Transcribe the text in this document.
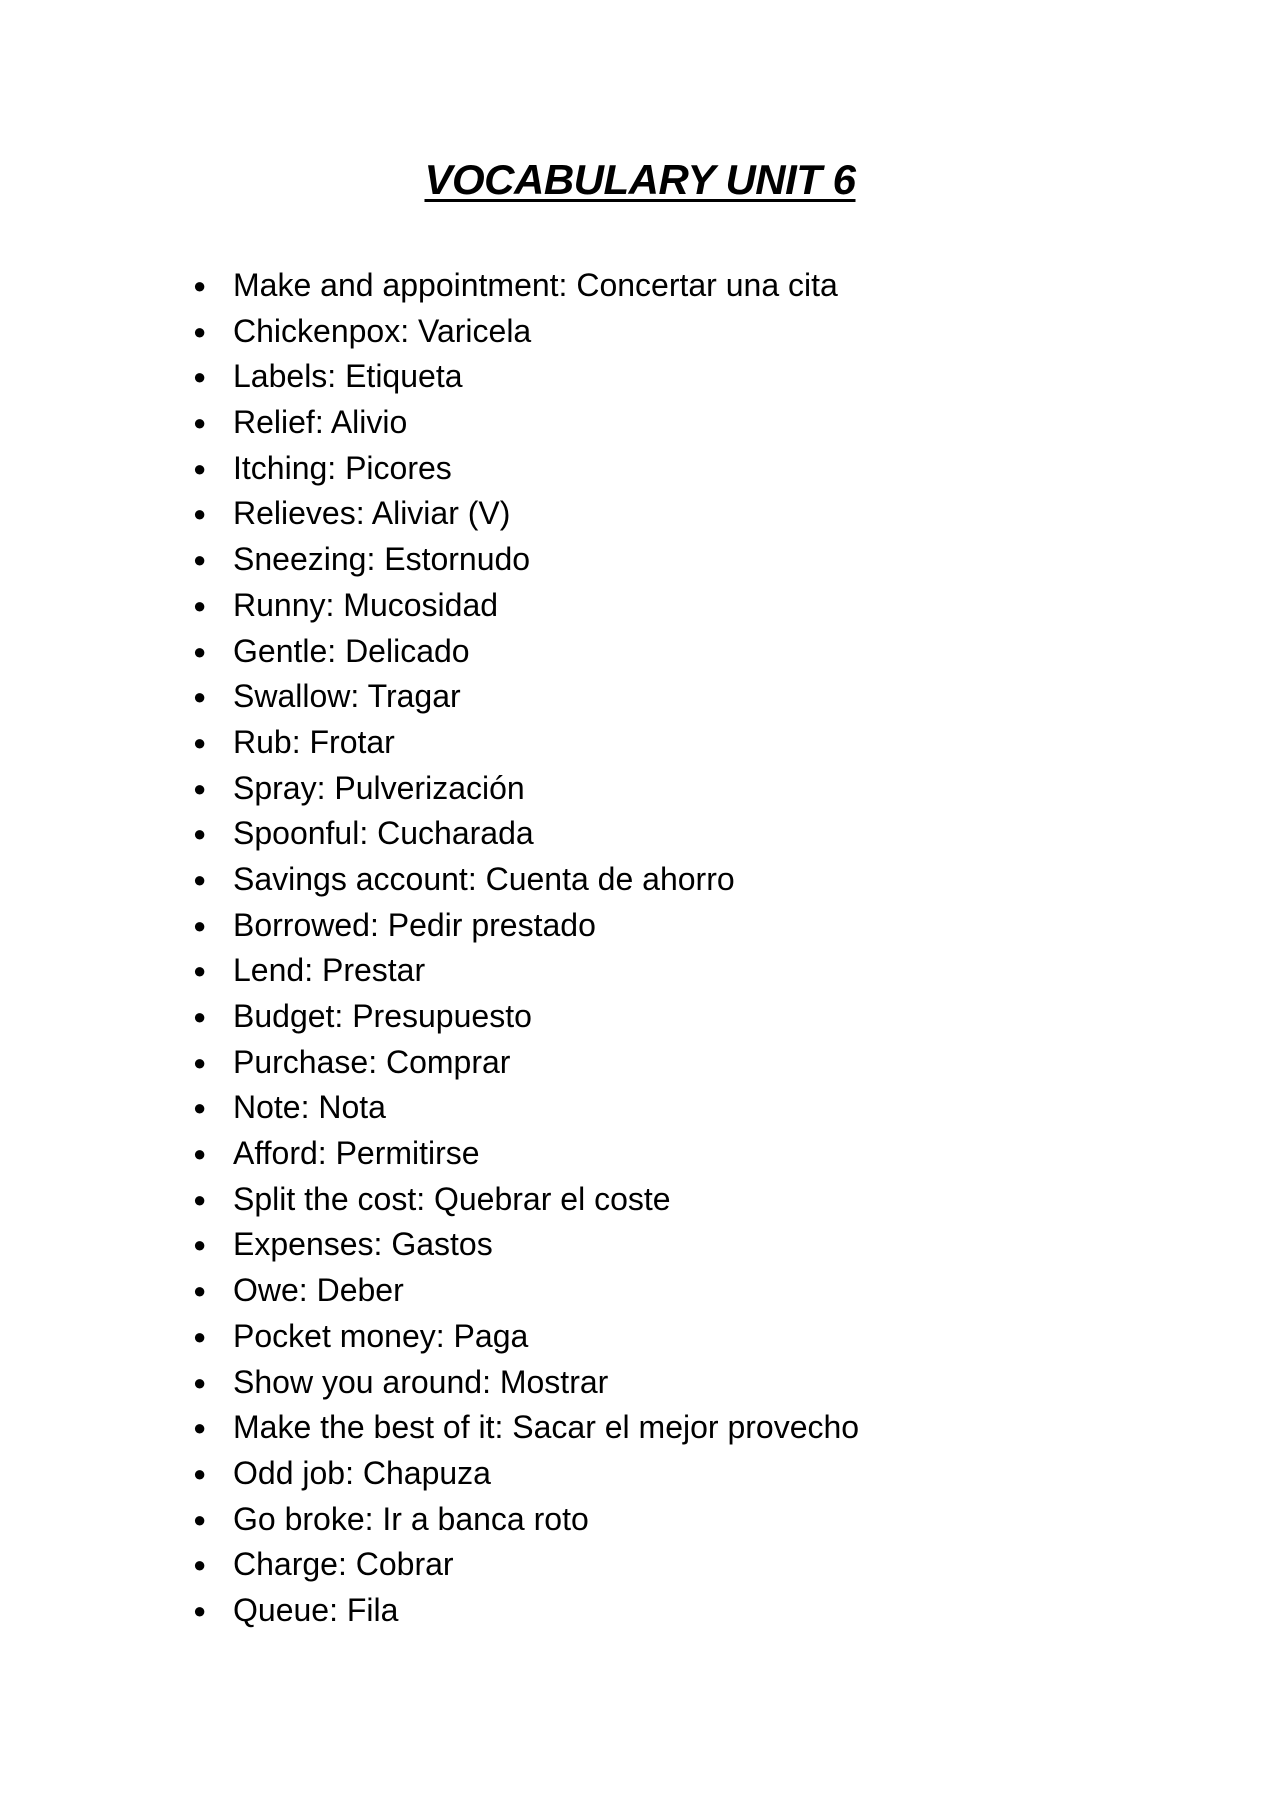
VOCABULARY UNIT 6
● Make and appointment: Concertar una cita
● Chickenpox: Varicela
● Labels: Etiqueta
● Relief: Alivio
● Itching: Picores
● Relieves: Aliviar (V)
● Sneezing: Estornudo
● Runny: Mucosidad
● Gentle: Delicado
● Swallow: Tragar
● Rub: Frotar
● Spray: Pulverización
● Spoonful: Cucharada
● Savings account: Cuenta de ahorro
● Borrowed: Pedir prestado
● Lend: Prestar
● Budget: Presupuesto
● Purchase: Comprar
● Note: Nota
● Afford: Permitirse
● Split the cost: Quebrar el coste
● Expenses: Gastos
● Owe: Deber
● Pocket money: Paga
● Show you around: Mostrar
● Make the best of it: Sacar el mejor provecho
● Odd job: Chapuza
● Go broke: Ir a banca roto
● Charge: Cobrar
● Queue: Fila
